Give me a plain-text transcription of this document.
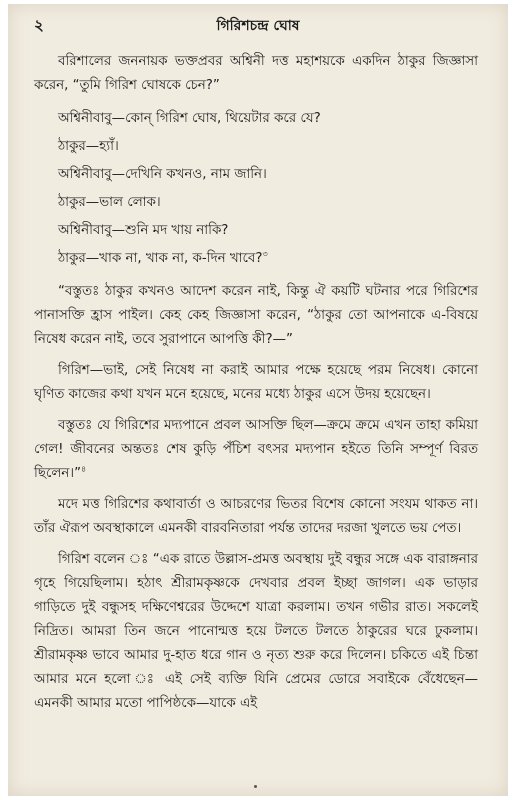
২	গিরিশচন্দ্র ঘোষ

বরিশালের জননায়ক ভক্তপ্রবর অশ্বিনী দত্ত মহাশয়কে একদিন ঠাকুর জিজ্ঞাসা করেন, “তুমি গিরিশ ঘোষকে চেন?”

অশ্বিনীবাবু—কোন্ গিরিশ ঘোষ, থিয়েটার করে যে?

ঠাকুর—হ্যাঁ।

অশ্বিনীবাবু—দেখিনি কখনও, নাম জানি।

ঠাকুর—ভাল লোক।

অশ্বিনীবাবু—শুনি মদ খায় নাকি?

ঠাকুর—খাক না, খাক না, ক-দিন খাবে?$^৩$

“বস্তুতঃ ঠাকুর কখনও আদেশ করেন নাই, কিন্তু ঐ কয়টি ঘটনার পরে গিরিশের পানাসক্তি হ্রাস পাইল। কেহ কেহ জিজ্ঞাসা করেন, “ঠাকুর তো আপনাকে এ-বিষয়ে নিষেধ করেন নাই, তবে সুরাপানে আপত্তি কী?—”

গিরিশ—ভাই, সেই নিষেধ না করাই আমার পক্ষে হয়েছে পরম নিষেধ। কোনো ঘৃণিত কাজের কথা যখন মনে হয়েছে, মনের মধ্যে ঠাকুর এসে উদয় হয়েছেন।

বস্তুতঃ যে গিরিশের মদ্যপানে প্রবল আসক্তি ছিল—ক্রমে ক্রমে এখন তাহা কমিয়া গেল! জীবনের অন্ততঃ শেষ কুড়ি পঁচিশ বৎসর মদ্যপান হইতে তিনি সম্পূর্ণ বিরত ছিলেন।”$^৪$

মদে মত্ত গিরিশের কথাবার্তা ও আচরণের ভিতর বিশেষ কোনো সংযম থাকত না। তাঁর ঐরূপ অবস্থাকালে এমনকী বারবনিতারা পর্যন্ত তাদের দরজা খুলতে ভয় পেত।

গিরিশ বলেন ঃ “এক রাতে উল্লাস-প্রমত্ত অবস্থায় দুই বন্ধুর সঙ্গে এক বারাঙ্গনার গৃহে গিয়েছিলাম। হঠাৎ শ্রীরামকৃষ্ণকে দেখবার প্রবল ইচ্ছা জাগল। এক ভাড়ার গাড়িতে দুই বন্ধুসহ দক্ষিণেশ্বরের উদ্দেশে যাত্রা করলাম। তখন গভীর রাত। সকলেই নিদ্রিত। আমরা তিন জনে পানোন্মত্ত হয়ে টলতে টলতে ঠাকুরের ঘরে ঢুকলাম। শ্রীরামকৃষ্ণ ভাবে আমার দু-হাত ধরে গান ও নৃত্য শুরু করে দিলেন। চকিতে এই চিন্তা আমার মনে হলো ঃ এই সেই ব্যক্তি যিনি প্রেমের ডোরে সবাইকে বেঁধেছেন—এমনকী আমার মতো পাপিষ্ঠকে—যাকে এই
